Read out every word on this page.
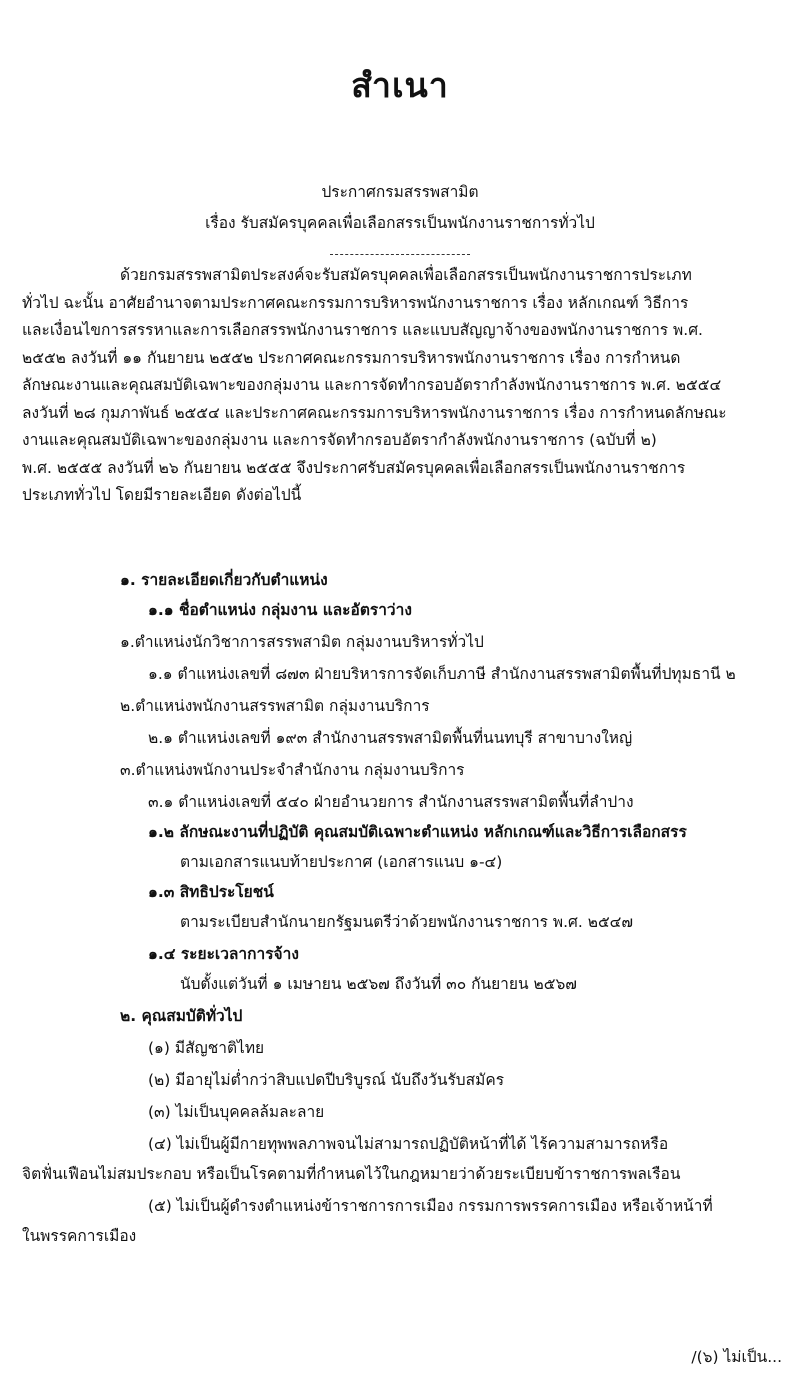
สำเนา
ประกาศกรมสรรพสามิต
เรื่อง รับสมัครบุคคลเพื่อเลือกสรรเป็นพนักงานราชการทั่วไป

ด้วยกรมสรรพสามิตประสงค์จะรับสมัครบุคคลเพื่อเลือกสรรเป็นพนักงานราชการประเภท

ทั่วไป ฉะนั้น อาศัยอำนาจตามประกาศคณะกรรมการบริหารพนักงานราชการ เรื่อง หลักเกณฑ์ วิธีการ

และเงื่อนไขการสรรหาและการเลือกสรรพนักงานราชการ และแบบสัญญาจ้างของพนักงานราชการ พ.ศ.

๒๕๕๒ ลงวันที่ ๑๑ กันยายน ๒๕๕๒ ประกาศคณะกรรมการบริหารพนักงานราชการ เรื่อง การกำหนด

ลักษณะงานและคุณสมบัติเฉพาะของกลุ่มงาน และการจัดทำกรอบอัตรากำลังพนักงานราชการ พ.ศ. ๒๕๕๔

ลงวันที่ ๒๘ กุมภาพันธ์ ๒๕๕๔ และประกาศคณะกรรมการบริหารพนักงานราชการ เรื่อง การกำหนดลักษณะ

งานและคุณสมบัติเฉพาะของกลุ่มงาน และการจัดทำกรอบอัตรากำลังพนักงานราชการ (ฉบับที่ ๒)

พ.ศ. ๒๕๕๕ ลงวันที่ ๒๖ กันยายน ๒๕๕๕ จึงประกาศรับสมัครบุคคลเพื่อเลือกสรรเป็นพนักงานราชการ

ประเภททั่วไป โดยมีรายละเอียด ดังต่อไปนี้

๑. รายละเอียดเกี่ยวกับตำแหน่ง
๑.๑ ชื่อตำแหน่ง กลุ่มงาน และอัตราว่าง
๑.ตำแหน่งนักวิชาการสรรพสามิต กลุ่มงานบริหารทั่วไป
๑.๑ ตำแหน่งเลขที่ ๘๗๓ ฝ่ายบริหารการจัดเก็บภาษี สำนักงานสรรพสามิตพื้นที่ปทุมธานี ๒
๒.ตำแหน่งพนักงานสรรพสามิต กลุ่มงานบริการ
๒.๑ ตำแหน่งเลขที่ ๑๙๓ สำนักงานสรรพสามิตพื้นที่นนทบุรี สาขาบางใหญ่
๓.ตำแหน่งพนักงานประจำสำนักงาน กลุ่มงานบริการ
๓.๑ ตำแหน่งเลขที่ ๕๔๐ ฝ่ายอำนวยการ สำนักงานสรรพสามิตพื้นที่ลำปาง
๑.๒ ลักษณะงานที่ปฏิบัติ คุณสมบัติเฉพาะตำแหน่ง หลักเกณฑ์และวิธีการเลือกสรร
ตามเอกสารแนบท้ายประกาศ (เอกสารแนบ ๑-๔)
๑.๓ สิทธิประโยชน์
ตามระเบียบสำนักนายกรัฐมนตรีว่าด้วยพนักงานราชการ พ.ศ. ๒๕๔๗
๑.๔ ระยะเวลาการจ้าง
นับตั้งแต่วันที่ ๑ เมษายน ๒๕๖๗ ถึงวันที่ ๓๐ กันยายน ๒๕๖๗
๒. คุณสมบัติทั่วไป
(๑) มีสัญชาติไทย
(๒) มีอายุไม่ต่ำกว่าสิบแปดปีบริบูรณ์ นับถึงวันรับสมัคร
(๓) ไม่เป็นบุคคลล้มละลาย
(๔) ไม่เป็นผู้มีกายทุพพลภาพจนไม่สามารถปฏิบัติหน้าที่ได้ ไร้ความสามารถหรือ
จิตฟั่นเฟือนไม่สมประกอบ หรือเป็นโรคตามที่กำหนดไว้ในกฎหมายว่าด้วยระเบียบข้าราชการพลเรือน
(๕) ไม่เป็นผู้ดำรงตำแหน่งข้าราชการการเมือง กรรมการพรรคการเมือง หรือเจ้าหน้าที่
ในพรรคการเมือง
/(๖) ไม่เป็น...
